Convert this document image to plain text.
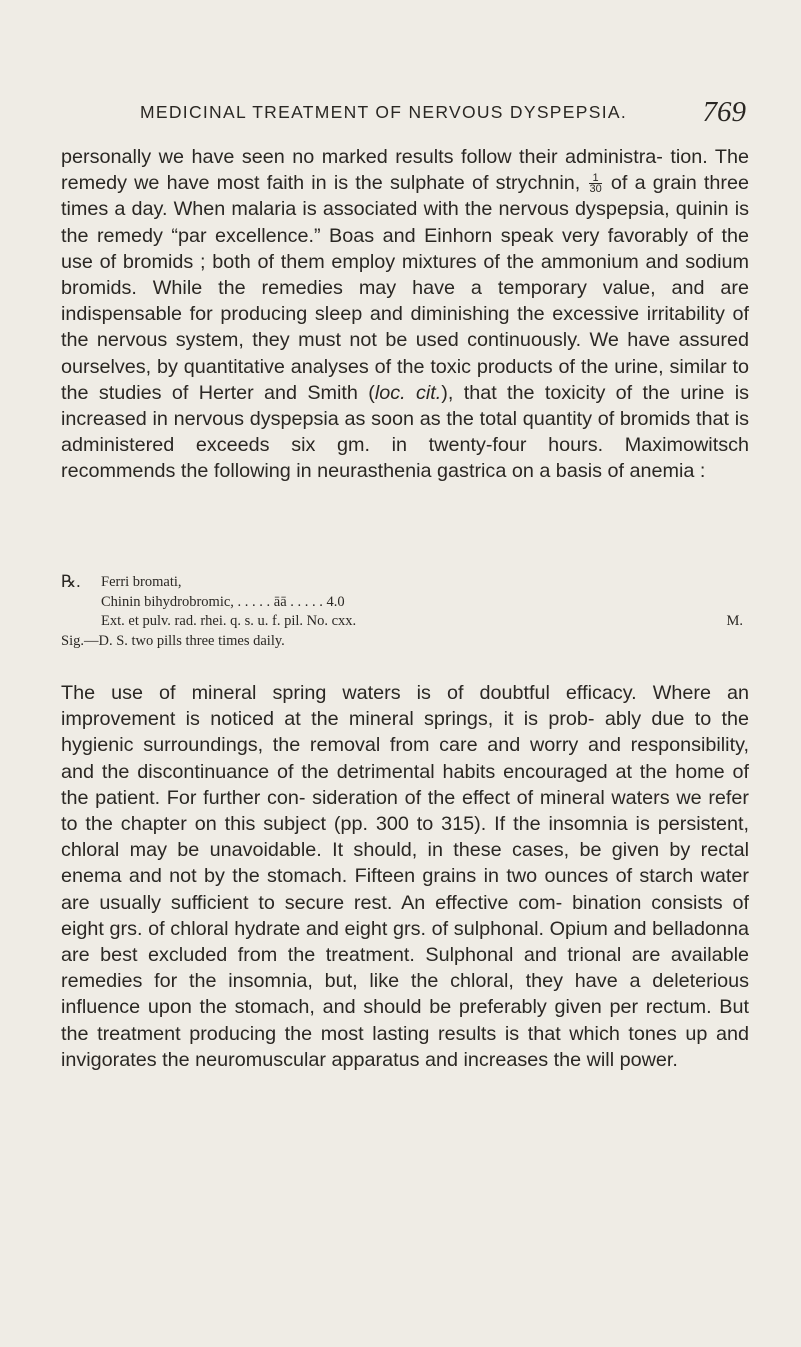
MEDICINAL TREATMENT OF NERVOUS DYSPEPSIA.	769

personally we have seen no marked results follow their administra- tion. The remedy we have most faith in is the sulphate of strychnin, $\frac{1}{30}$ of a grain three times a day. When malaria is associated with the nervous dyspepsia, quinin is the remedy “par excellence.” Boas and Einhorn speak very favorably of the use of bromids ; both of them employ mixtures of the ammonium and sodium bromids. While the remedies may have a temporary value, and are indispensable for producing sleep and diminishing the excessive irritability of the nervous system, they must not be used continuously. We have assured ourselves, by quantitative analyses of the toxic products of the urine, similar to the studies of Herter and Smith (loc. cit.), that the toxicity of the urine is increased in nervous dyspepsia as soon as the total quantity of bromids that is administered exceeds six gm. in twenty-four hours. Maximowitsch recommends the following in neurasthenia gastrica on a basis of anemia :

℞. Ferri bromati,
Chinin bihydrobromic, . . . . . āā . . . . . 4.0
Ext. et pulv. rad. rhei. q. s. u. f. pil. No. cxx.	M.
Sig.—D. S. two pills three times daily.

The use of mineral spring waters is of doubtful efficacy. Where an improvement is noticed at the mineral springs, it is prob- ably due to the hygienic surroundings, the removal from care and worry and responsibility, and the discontinuance of the detrimental habits encouraged at the home of the patient. For further con- sideration of the effect of mineral waters we refer to the chapter on this subject (pp. 300 to 315). If the insomnia is persistent, chloral may be unavoidable. It should, in these cases, be given by rectal enema and not by the stomach. Fifteen grains in two ounces of starch water are usually sufficient to secure rest. An effective com- bination consists of eight grs. of chloral hydrate and eight grs. of sulphonal. Opium and belladonna are best excluded from the treatment. Sulphonal and trional are available remedies for the insomnia, but, like the chloral, they have a deleterious influence upon the stomach, and should be preferably given per rectum. But the treatment producing the most lasting results is that which tones up and invigorates the neuromuscular apparatus and increases the will power.
